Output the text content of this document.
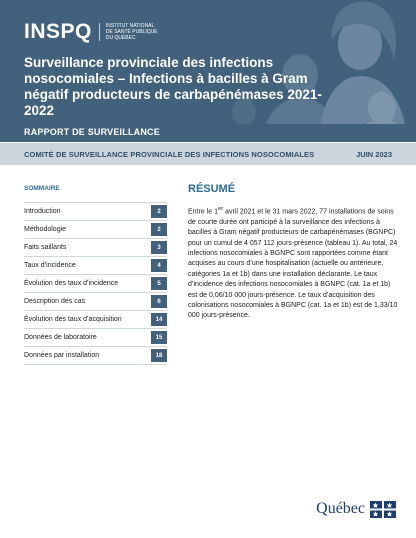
INSPQ	INSTITUT NATIONAL
DE SANTÉ PUBLIQUE
DU QUÉBEC
Surveillance provinciale des infections nosocomiales – Infections à bacilles à Gram négatif producteurs de carbapénémases 2021-2022
RAPPORT DE SURVEILLANCE
COMITÉ DE SURVEILLANCE PROVINCIALE DES INFECTIONS NOSOCOMIALES	JUIN 2023
SOMMAIRE
Introduction	2
Méthodologie	2
Faits saillants	3
Taux d’incidence	4
Évolution des taux d’incidence	5
Description des cas	6
Évolution des taux d’acquisition	14
Données de laboratoire	15
Données par installation	18
RÉSUMÉ

Entre le 1er avril 2021 et le 31 mars 2022, 77 installations de soins de courte durée ont participé à la surveillance des infections à bacilles à Gram négatif producteurs de carbapénémases (BGNPC) pour un cumul de 4 057 112 jours-présence (tableau 1). Au total, 24 infections nosocomiales à BGNPC sont rapportées comme étant acquises au cours d’une hospitalisation (actuelle ou antérieure, catégories 1a et 1b) dans une installation déclarante. Le taux d’incidence des infections nosocomiales à BGNPC (cat. 1a et 1b) est de 0,06/10 000 jours-présence. Le taux d’acquisition des colonisations nosocomiales à BGNPC (cat. 1a et 1b) est de 1,33/10 000 jours-présence.

Québec
